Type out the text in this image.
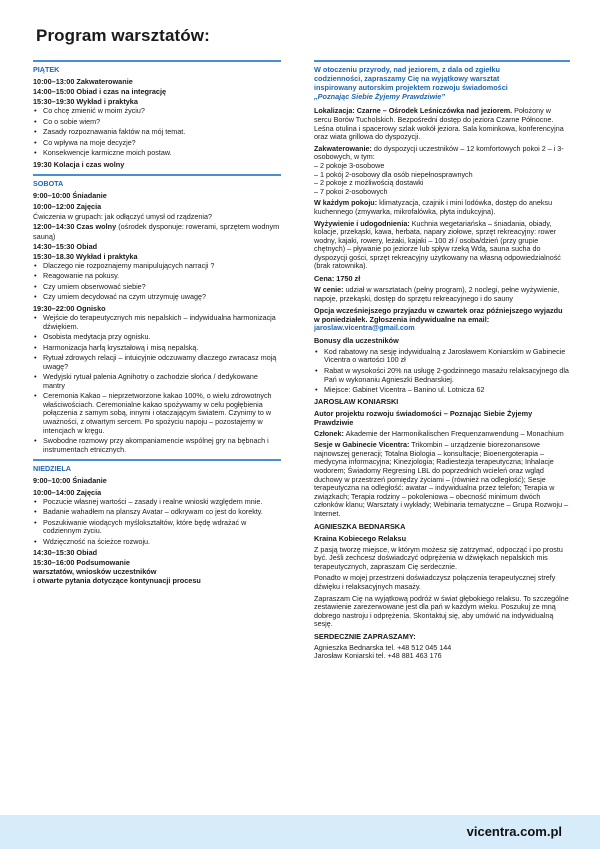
Program warsztatów:
PIĄTEK
10:00–13:00 Zakwaterowanie
14:00–15:00 Obiad i czas na integrację
15:30–19:30 Wykład i praktyka
• Co chcę zmienić w moim życiu?
• Co o sobie wiem?
• Zasady rozpoznawania faktów na mój temat.
• Co wpływa na moje decyzje?
• Konsekwencje karmiczne moich postaw.
19:30 Kolacja i czas wolny
SOBOTA
9:00–10:00 Śniadanie
10:00–12:00 Zajęcia
Ćwiczenia w grupach: jak odłączyć umysł od rządzenia?
12:00–14:30 Czas wolny (ośrodek dysponuje: rowerami, sprzętem wodnym sauną)
14:30–15:30 Obiad
15:30–18.30 Wykład i praktyka
• Dlaczego nie rozpoznajemy manipulujących narracji ?
• Reagowanie na pokusy.
• Czy umiem obserwować siebie?
• Czy umiem decydować na czym utrzymuję uwagę?
19:30–22:00 Ognisko
• Wejście do terapeutycznych mis nepalskich – indywidualna harmonizacja dźwiękiem.
• Osobista medytacja przy ognisku.
• Harmonizacja harfą kryształową i misą nepalską.
• Rytuał zdrowych relacji – intuicyjnie odczuwamy dlaczego zwracasz moją uwagę?
• Wedyjski rytuał palenia Agnihotry o zachodzie słońca / dedykowane mantry
• Ceremonia Kakao – nieprzetworzone kakao 100%, o wielu zdrowotnych właściwościach. Ceremonialne kakao spożywamy w celu pogłębienia połączenia z samym sobą, innymi i otaczającym światem. Czynimy to w uważności, z otwartym sercem. Po spożyciu napoju – pozostajemy w intencjach w kręgu.
• Swobodne rozmowy przy akompaniamencie wspólnej gry na bębnach i instrumentach etnicznych.
NIEDZIELA
9:00–10:00 Śniadanie
10:00–14:00 Zajęcia
• Poczucie własnej wartości – zasady i realne wnioski względem mnie.
• Badanie wahadłem na planszy Avatar – odkrywam co jest do korekty.
• Poszukiwanie wiodących myślokształtów, które będę wdrażać w codziennym życiu.
• Wdzięczność na ścieżce rozwoju.
14:30–15:30 Obiad
15:30–16:00 Podsumowanie
warsztatów, wniosków uczestników
i otwarte pytania dotyczące kontynuacji procesu
W otoczeniu przyrody, nad jeziorem, z dala od zgiełku
codzienności, zapraszamy Cię na wyjątkowy warsztat
inspirowany autorskim projektem rozwoju świadomości
„Poznając Siebie Żyjemy Prawdziwie”
Lokalizacja: Czarne – Ośrodek Leśniczówka nad jeziorem. Położony w sercu Borów Tucholskich. Bezpośredni dostęp do jeziora Czarne Północne. Leśna otulina i spacerowy szlak wokół jeziora. Sala kominkowa, konferencyjna oraz wiata grillowa do dyspozycji.
Zakwaterowanie: do dyspozycji uczestników – 12 komfortowych pokoi 2 – i 3-osobowych, w tym:
– 2 pokoje 3-osobowe
– 1 pokój 2-osobowy dla osób niepełnosprawnych
– 2 pokoje z możliwością dostawki
– 7 pokoi 2-osobowych
W każdym pokoju: klimatyzacja, czajnik i mini lodówka, dostęp do aneksu kuchennego (zmywarka, mikrofalówka, płyta indukcyjna).
Wyżywienie i udogodnienia: Kuchnia wegetariańska – śniadania, obiady, kolacje, przekąski, kawa, herbata, napary ziołowe, sprzęt rekreacyjny: rower wodny, kajaki, rowery, leżaki, kajaki – 100 zł / osoba/dzień (przy grupie chętnych) – pływanie po jeziorze lub spływ rzeką Wdą, sauna sucha do dyspozycji gości, sprzęt rekreacyjny użytkowany na własną odpowiedzialność (brak ratownika).
Cena: 1750 zł
W cenie: udział w warsztatach (pełny program), 2 noclegi, pełne wyżywienie, napoje, przekąski, dostęp do sprzętu rekreacyjnego i do sauny
Opcja wcześniejszego przyjazdu w czwartek oraz późniejszego wyjazdu w poniedziałek. Zgłoszenia indywidualne na email:
jaroslaw.vicentra@gmail.com
Bonusy dla uczestników
• Kod rabatowy na sesję indywidualną z Jarosławem Koniarskim w Gabinecie Vicentra o wartości 100 zł
• Rabat w wysokości 20% na usługę 2-godzinnego masażu relaksacyjnego dla Pań w wykonaniu Agnieszki Bednarskiej.
• Miejsce: Gabinet Vicentra – Banino ul. Lotnicza 62
JAROSŁAW KONIARSKI
Autor projektu rozwoju świadomości – Poznając Siebie Żyjemy Prawdziwie
Członek: Akademie der Harmonikalischen Frequenzanwendung – Monachium
Sesje w Gabinecie Vicentra: Trikombin – urządzenie biorezonansowe najnowszej generacji; Totalna Biologia – konsultacje; Bioenergoterapia – medycyna informacyjna; Kinezjologia; Radiestezja terapeutyczna; Inhalacje wodorem; Świadomy Regresing LBL do poprzednich wcieleń oraz wgląd duchowy w przestrzeń pomiędzy życiami – (również na odległość); Sesje terapeutyczna na odległość: awatar – indywidualna przez telefon; Terapia w związkach; Terapia rodziny – pokoleniowa – obecność minimum dwóch członków klanu; Warsztaty i wykłady; Webinaria tematyczne – Grupa Rozwoju – Internet.
AGNIESZKA BEDNARSKA
Kraina Kobiecego Relaksu
Z pasją tworzę miejsce, w którym możesz się zatrzymać, odpocząć i po prostu być. Jeśli zechcesz doświadczyć odprężenia w dźwiękach nepalskich mis terapeutycznych, zapraszam Cię serdecznie.
Ponadto w mojej przestrzeni doświadczysz połączenia terapeutycznej strefy dźwięku i relaksacyjnych masaży.
Zapraszam Cię na wyjątkową podróż w świat głębokiego relaksu. To szczególne zestawienie zarezerwowane jest dla pań w każdym wieku. Poszukuj ze mną dobrego nastroju i odprężenia. Skontaktuj się, aby umówić na indywidualną sesję.
SERDECZNIE ZAPRASZAMY:
Agnieszka Bednarska tel. +48 512 045 144
Jarosław Koniarski tel. +48 881 463 176
vicentra.com.pl
